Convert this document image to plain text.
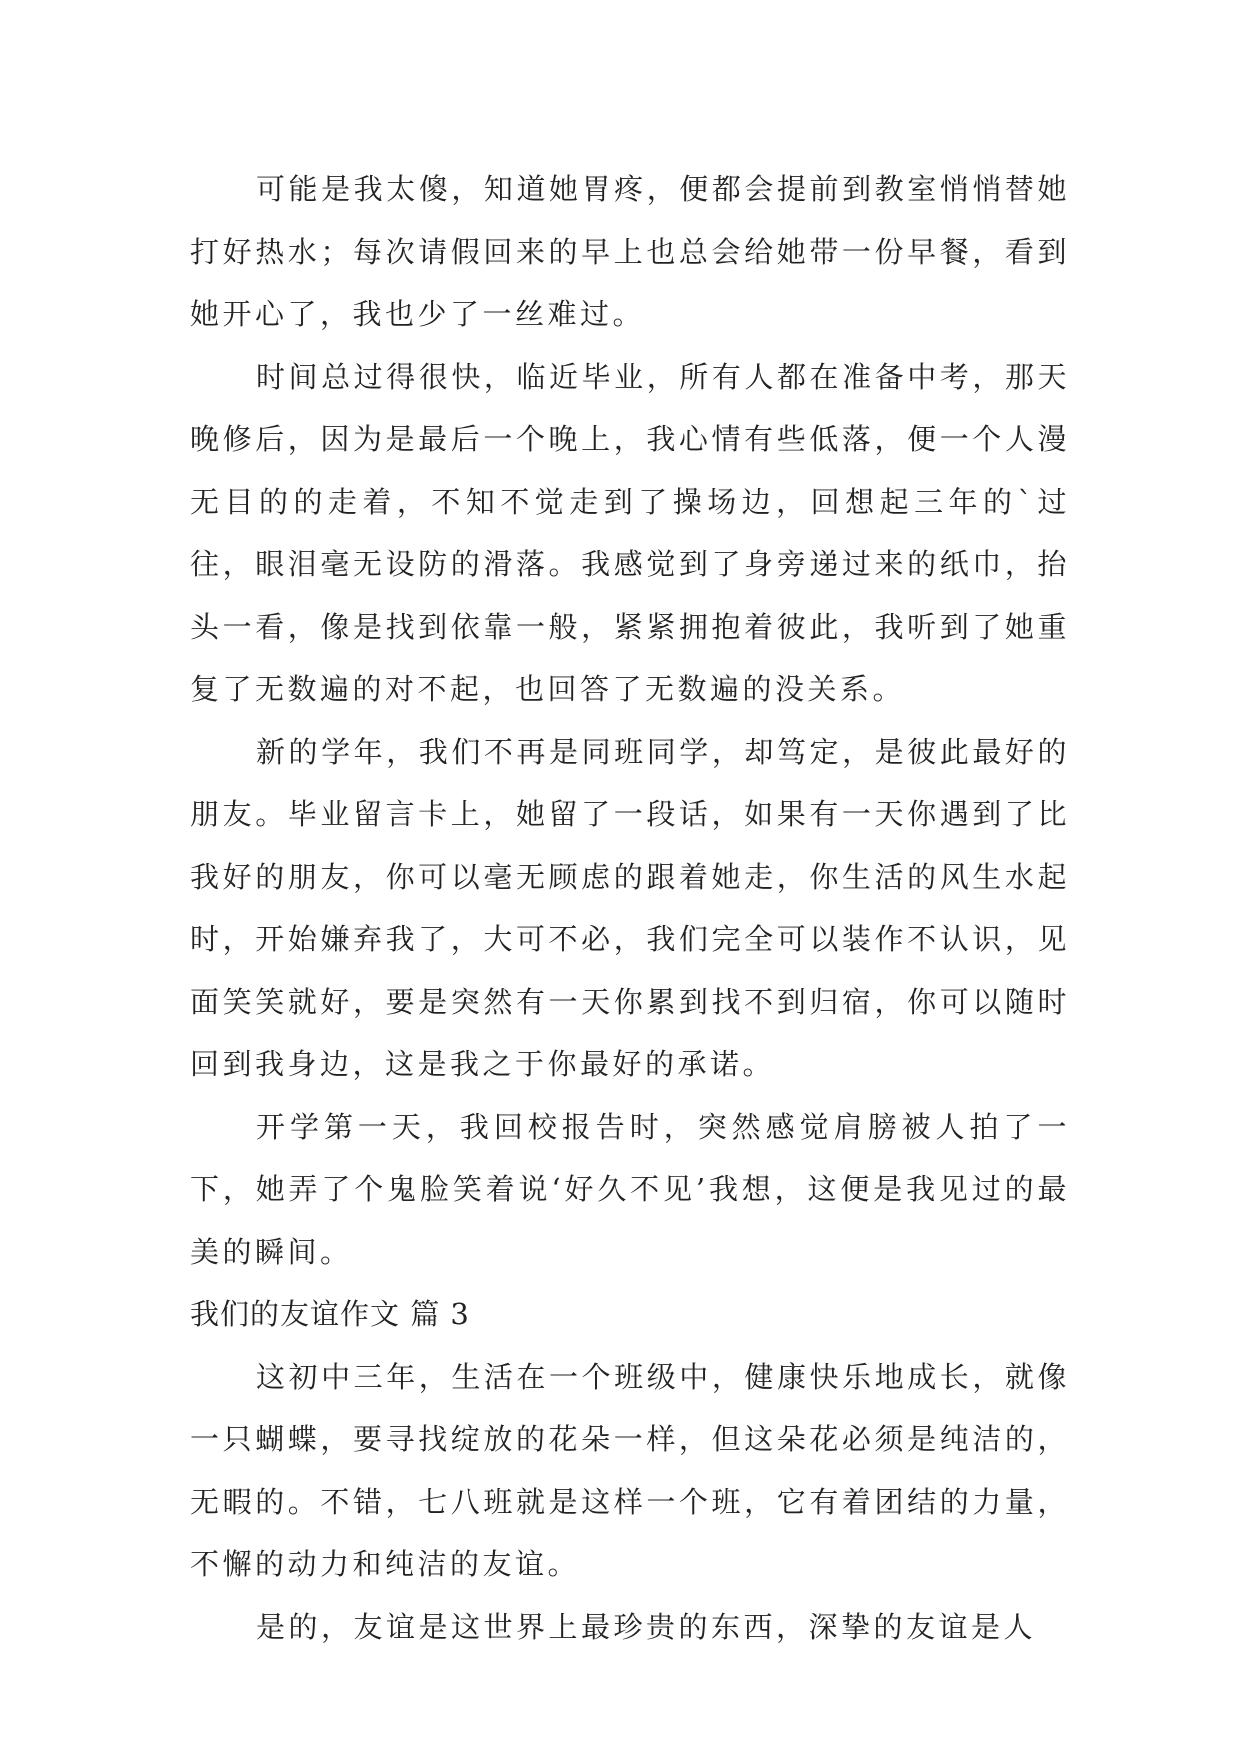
可能是我太傻，知道她胃疼，便都会提前到教室悄悄替她打好热水；每次请假回来的早上也总会给她带一份早餐，看到她开心了，我也少了一丝难过。

时间总过得很快，临近毕业，所有人都在准备中考，那天晚修后，因为是最后一个晚上，我心情有些低落，便一个人漫无目的的走着，不知不觉走到了操场边，回想起三年的`过往，眼泪毫无设防的滑落。我感觉到了身旁递过来的纸巾，抬头一看，像是找到依靠一般，紧紧拥抱着彼此，我听到了她重复了无数遍的对不起，也回答了无数遍的没关系。

新的学年，我们不再是同班同学，却笃定，是彼此最好的朋友。毕业留言卡上，她留了一段话，如果有一天你遇到了比我好的朋友，你可以毫无顾虑的跟着她走，你生活的风生水起时，开始嫌弃我了，大可不必，我们完全可以装作不认识，见面笑笑就好，要是突然有一天你累到找不到归宿，你可以随时回到我身边，这是我之于你最好的承诺。

开学第一天，我回校报告时，突然感觉肩膀被人拍了一下，她弄了个鬼脸笑着说‘好久不见’我想，这便是我见过的最美的瞬间。

我们的友谊作文 篇 3

这初中三年，生活在一个班级中，健康快乐地成长，就像一只蝴蝶，要寻找绽放的花朵一样，但这朵花必须是纯洁的，无暇的。不错，七八班就是这样一个班，它有着团结的力量，不懈的动力和纯洁的友谊。

是的，友谊是这世界上最珍贵的东西，深挚的友谊是人
